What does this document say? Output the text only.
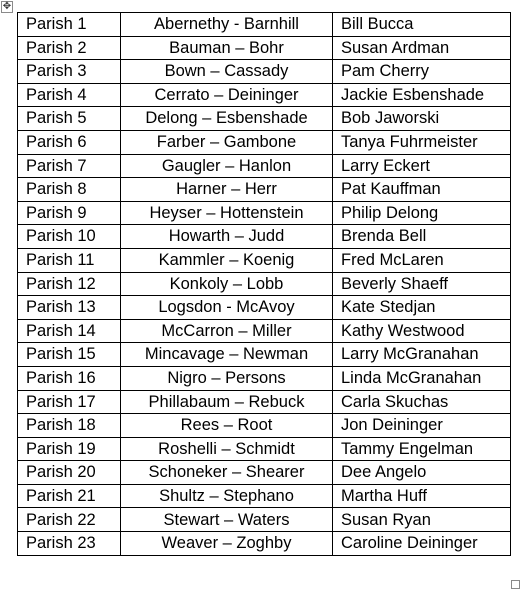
✥
Parish 1	Abernethy - Barnhill	Bill Bucca
Parish 2	Bauman – Bohr	Susan Ardman
Parish 3	Bown – Cassady	Pam Cherry
Parish 4	Cerrato – Deininger	Jackie Esbenshade
Parish 5	Delong – Esbenshade	Bob Jaworski
Parish 6	Farber – Gambone	Tanya Fuhrmeister
Parish 7	Gaugler – Hanlon	Larry Eckert
Parish 8	Harner – Herr	Pat Kauffman
Parish 9	Heyser – Hottenstein	Philip Delong
Parish 10	Howarth – Judd	Brenda Bell
Parish 11	Kammler – Koenig	Fred McLaren
Parish 12	Konkoly – Lobb	Beverly Shaeff
Parish 13	Logsdon - McAvoy	Kate Stedjan
Parish 14	McCarron – Miller	Kathy Westwood
Parish 15	Mincavage – Newman	Larry McGranahan
Parish 16	Nigro – Persons	Linda McGranahan
Parish 17	Phillabaum – Rebuck	Carla Skuchas
Parish 18	Rees – Root	Jon Deininger
Parish 19	Roshelli – Schmidt	Tammy Engelman
Parish 20	Schoneker – Shearer	Dee Angelo
Parish 21	Shultz – Stephano	Martha Huff
Parish 22	Stewart – Waters	Susan Ryan
Parish 23	Weaver – Zoghby	Caroline Deininger
